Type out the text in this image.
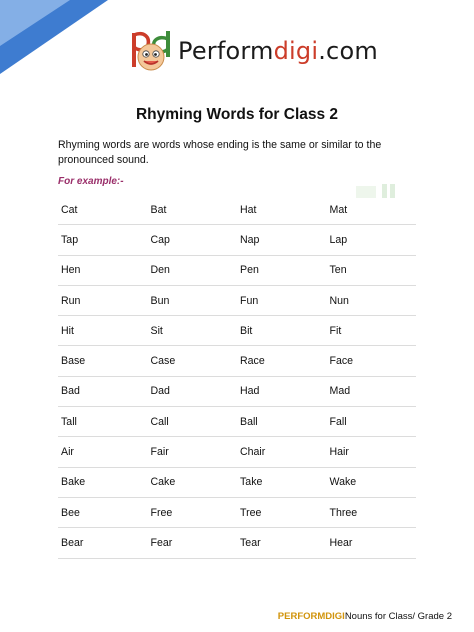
Performdigi.com
Rhyming Words for Class 2
Rhyming words are words whose ending is the same or similar to the pronounced sound.
For example:-
Cat	Bat	Hat	Mat
Tap	Cap	Nap	Lap
Hen	Den	Pen	Ten
Run	Bun	Fun	Nun
Hit	Sit	Bit	Fit
Base	Case	Race	Face
Bad	Dad	Had	Mad
Tall	Call	Ball	Fall
Air	Fair	Chair	Hair
Bake	Cake	Take	Wake
Bee	Free	Tree	Three
Bear	Fear	Tear	Hear
PERFORMDIGINouns for Class/ Grade 2
